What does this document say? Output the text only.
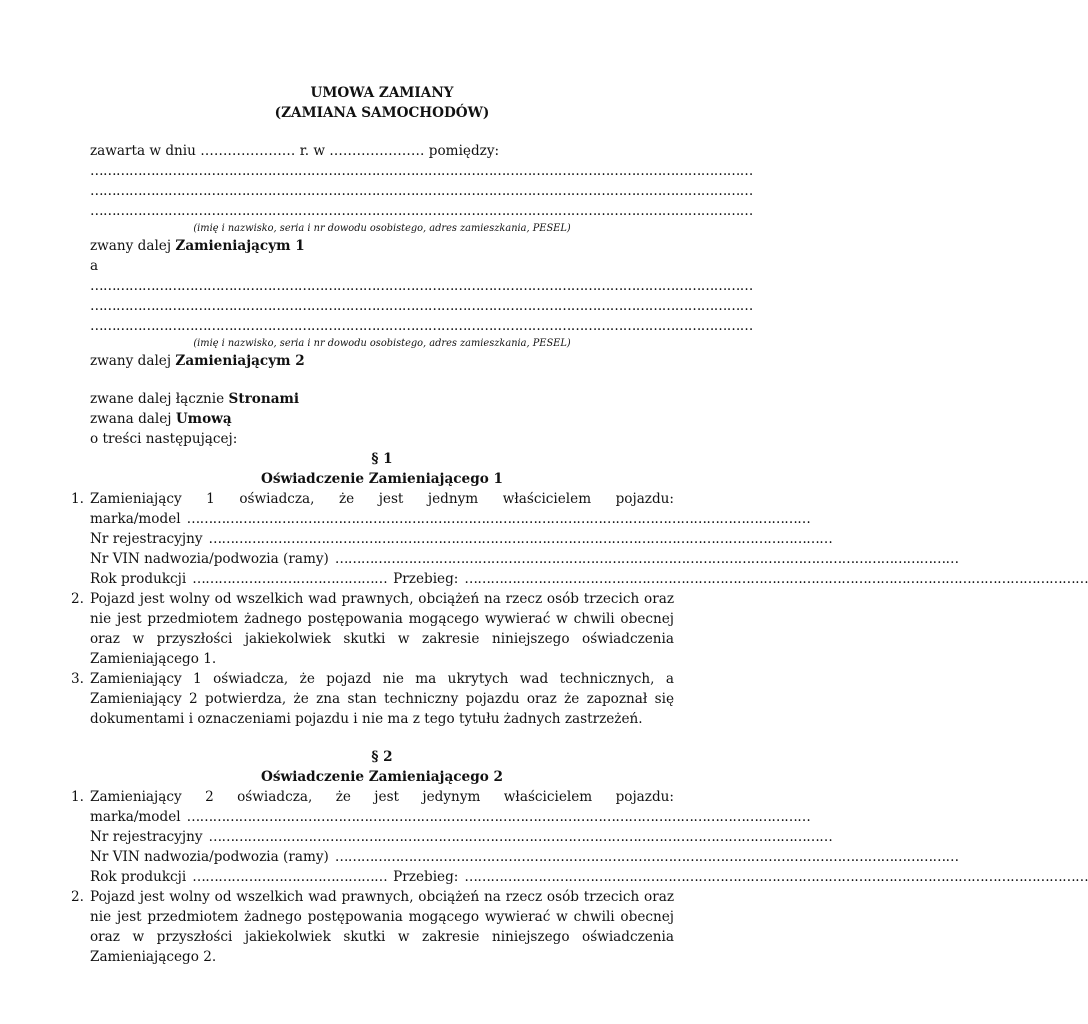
UMOWA ZAMIANY
(ZAMIANA SAMOCHODÓW)
zawarta w dniu ………………… r. w ………………… pomiędzy:
………………………………………………………………………………………………………………………………………
………………………………………………………………………………………………………………………………………
………………………………………………………………………………………………………………………………………
(imię i nazwisko, seria i nr dowodu osobistego, adres zamieszkania, PESEL)
zwany dalej Zamieniającym 1
a
………………………………………………………………………………………………………………………………………
………………………………………………………………………………………………………………………………………
………………………………………………………………………………………………………………………………………
(imię i nazwisko, seria i nr dowodu osobistego, adres zamieszkania, PESEL)
zwany dalej Zamieniającym 2
zwane dalej łącznie Stronami
zwana dalej Umową
o treści następującej:
§ 1
Oświadczenie Zamieniającego 1
1. Zamieniający 1 oświadcza, że jest jednym właścicielem pojazdu:
marka/model ………………………………………………………………………………………………………………………………
Nr rejestracyjny ………………………………………………………………………………………………………………………………
Nr VIN nadwozia/podwozia (ramy) ………………………………………………………………………………………………………………………………
Rok produkcji ……………………………………… Przebieg: ………………………………………………………………………………………………………………………………
2. Pojazd jest wolny od wszelkich wad prawnych, obciążeń na rzecz osób trzecich oraz nie jest przedmiotem żadnego postępowania mogącego wywierać w chwili obecnej oraz w przyszłości jakiekolwiek skutki w zakresie niniejszego oświadczenia Zamieniającego 1.
3. Zamieniający 1 oświadcza, że pojazd nie ma ukrytych wad technicznych, a Zamieniający 2 potwierdza, że zna stan techniczny pojazdu oraz że zapoznał się dokumentami i oznaczeniami pojazdu i nie ma z tego tytułu żadnych zastrzeżeń.
§ 2
Oświadczenie Zamieniającego 2
1. Zamieniający 2 oświadcza, że jest jedynym właścicielem pojazdu:
marka/model ………………………………………………………………………………………………………………………………
Nr rejestracyjny ………………………………………………………………………………………………………………………………
Nr VIN nadwozia/podwozia (ramy) ………………………………………………………………………………………………………………………………
Rok produkcji ……………………………………… Przebieg: ………………………………………………………………………………………………………………………………
2. Pojazd jest wolny od wszelkich wad prawnych, obciążeń na rzecz osób trzecich oraz nie jest przedmiotem żadnego postępowania mogącego wywierać w chwili obecnej oraz w przyszłości jakiekolwiek skutki w zakresie niniejszego oświadczenia Zamieniającego 2.
